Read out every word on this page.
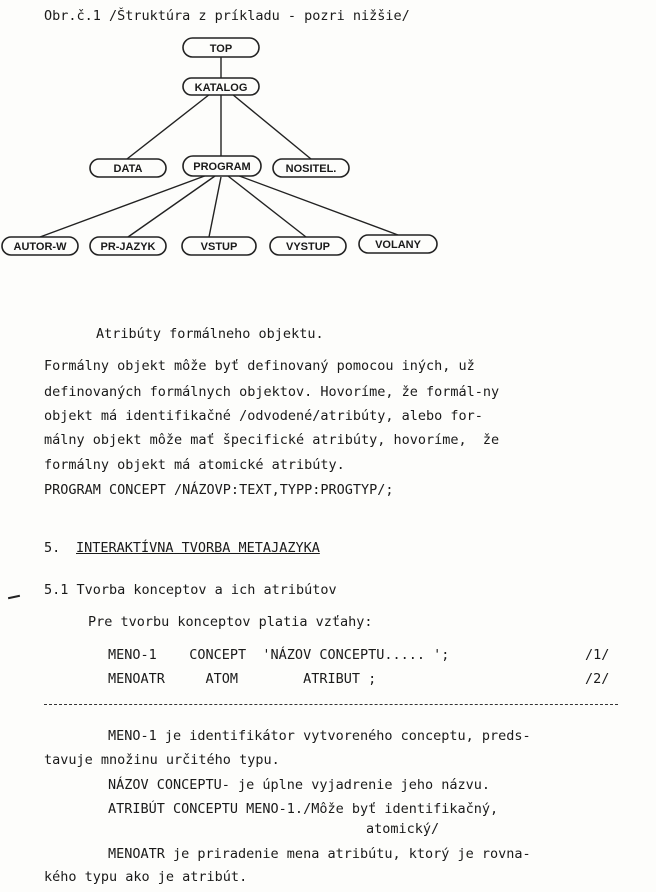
Obr.č.1 /Štruktúra z príkladu - pozri nižšie/
TOP
KATALOG
DATA	PROGRAM	NOSITEL.
AUTOR-W	PR-JAZYK	VSTUP	VYSTUP	VOLANY
Atribúty formálneho objektu.
Formálny objekt môže byť definovaný pomocou iných, už
definovaných formálnych objektov. Hovoríme, že formál-ny
objekt má identifikačné /odvodené/atribúty, alebo for-
málny objekt môže mať špecifické atribúty, hovoríme,  že
formálny objekt má atomické atribúty.
PROGRAM CONCEPT /NÁZOVP:TEXT,TYPP:PROGTYP/;
5. INTERAKTÍVNA TVORBA METAJAZYKA
5.1 Tvorba konceptov a ich atribútov
Pre tvorbu konceptov platia vzťahy:
MENO-1    CONCEPT  'NÁZOV CONCEPTU..... ';	/1/
MENOATR     ATOM        ATRIBUT ;	/2/
MENO-1 je identifikátor vytvoreného conceptu, preds-
tavuje množinu určitého typu.
NÁZOV CONCEPTU- je úplne vyjadrenie jeho názvu.
ATRIBÚT CONCEPTU MENO-1./Môže byť identifikačný,
atomický/
MENOATR je priradenie mena atribútu, ktorý je rovna-
kého typu ako je atribút.
